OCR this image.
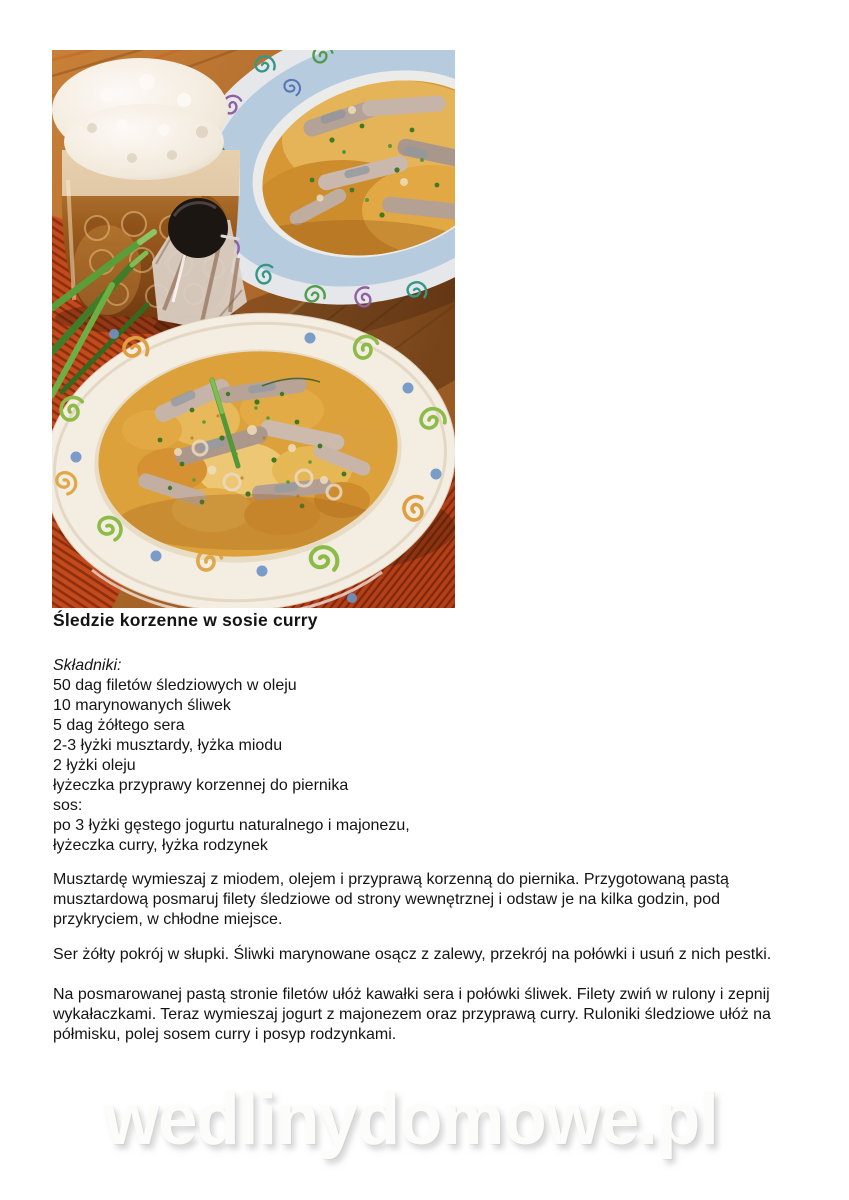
Śledzie korzenne w sosie curry
Składniki:
50 dag filetów śledziowych w oleju
10 marynowanych śliwek
5 dag żółtego sera
2-3 łyżki musztardy, łyżka miodu
2 łyżki oleju
łyżeczka przyprawy korzennej do piernika
sos:
po 3 łyżki gęstego jogurtu naturalnego i majonezu,
łyżeczka curry, łyżka rodzynek

Musztardę wymieszaj z miodem, olejem i przyprawą korzenną do piernika. Przygotowaną pastą musztardową posmaruj filety śledziowe od strony wewnętrznej i odstaw je na kilka godzin, pod przykryciem, w chłodne miejsce.

Ser żółty pokrój w słupki. Śliwki marynowane osącz z zalewy, przekrój na połówki i usuń z nich pestki.

Na posmarowanej pastą stronie filetów ułóż kawałki sera i połówki śliwek. Filety zwiń w rulony i zepnij wykałaczkami. Teraz wymieszaj jogurt z majonezem oraz przyprawą curry. Ruloniki śledziowe ułóż na półmisku, polej sosem curry i posyp rodzynkami.

wedlinydomowe.pl
